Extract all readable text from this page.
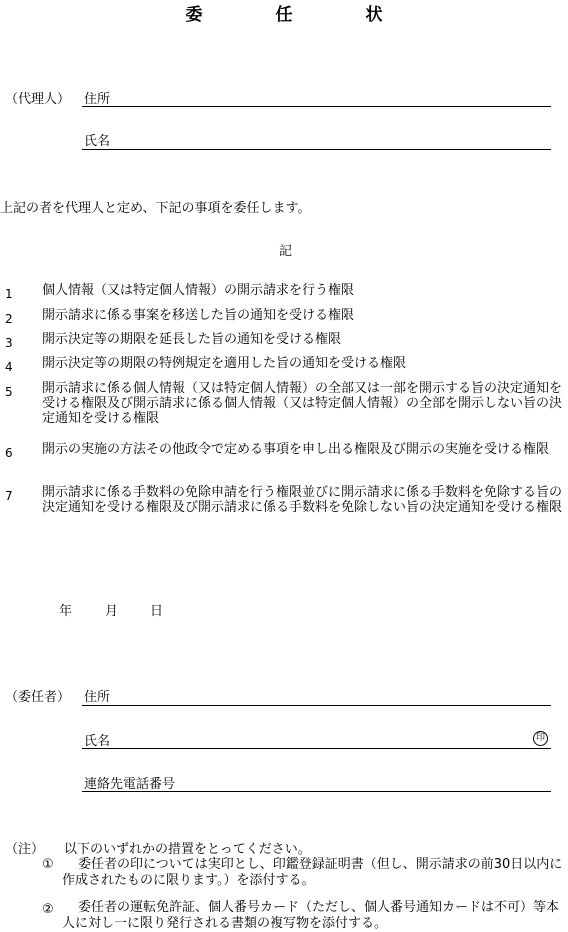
委　任　状
（代理人） 住所
氏名
上記の者を代理人と定め、下記の事項を委任します。
記
1 個人情報（又は特定個人情報）の開示請求を行う権限
2 開示請求に係る事案を移送した旨の通知を受ける権限
3 開示決定等の期限を延長した旨の通知を受ける権限
4 開示決定等の期限の特例規定を適用した旨の通知を受ける権限
5 開示請求に係る個人情報（又は特定個人情報）の全部又は一部を開示する旨の決定通知を受ける権限及び開示請求に係る個人情報（又は特定個人情報）の全部を開示しない旨の決定通知を受ける権限
6 開示の実施の方法その他政令で定める事項を申し出る権限及び開示の実施を受ける権限
7 開示請求に係る手数料の免除申請を行う権限並びに開示請求に係る手数料を免除する旨の決定通知を受ける権限及び開示請求に係る手数料を免除しない旨の決定通知を受ける権限
年	月 日
（委任者） 住所
氏名	印
連絡先電話番号
（注） 以下のいずれかの措置をとってください。
①	委任者の印については実印とし、印鑑登録証明書（但し、開示請求の前30日以内に作成されたものに限ります。）を添付する。
②	委任者の運転免許証、個人番号カード（ただし、個人番号通知カードは不可）等本人に対し一に限り発行される書類の複写物を添付する。
